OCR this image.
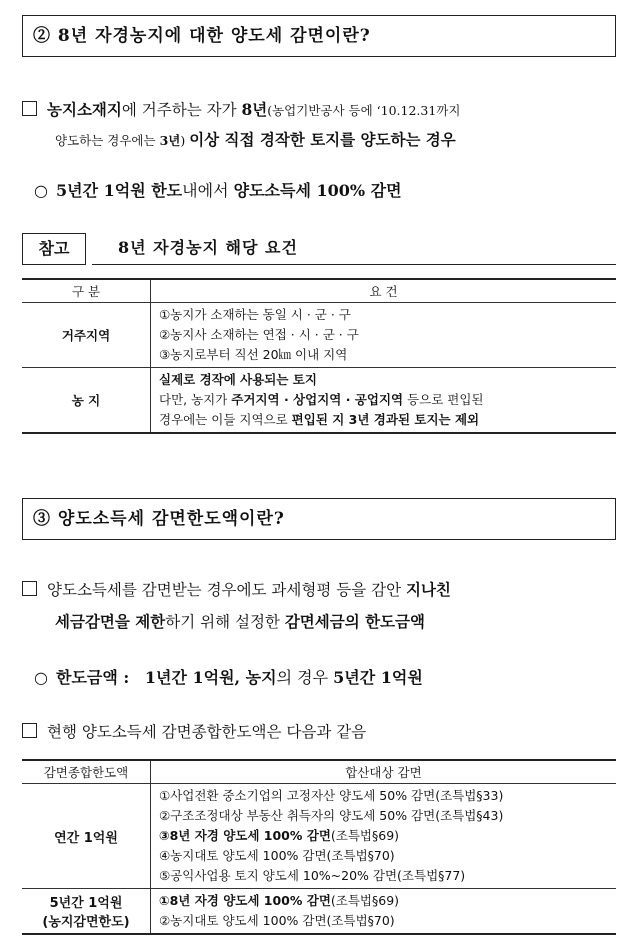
② 8년 자경농지에 대한 양도세 감면이란?
농지소재지에 거주하는 자가 8년(농업기반공사 등에 ‘10.12.31까지
양도하는 경우에는 3년) 이상 직접 경작한 토지를 양도하는 경우
○ 5년간 1억원 한도내에서 양도소득세 100% 감면
참고	8년 자경농지 해당 요건
구 분	요 건
거주지역	①농지가 소재하는 동일 시 · 군 · 구
②농지사 소재하는 연접 · 시 · 군 · 구
③농지로부터 직선 20㎞ 이내 지역

농 지	실제로 경작에 사용되는 토지
다만, 농지가 주거지역 · 상업지역 · 공업지역 등으로 편입된
경우에는 이들 지역으로 편입된 지 3년 경과된 토지는 제외
③ 양도소득세 감면한도액이란?
양도소득세를 감면받는 경우에도 과세형평 등을 감안 지나친
세금감면을 제한하기 위해 설정한 감면세금의 한도금액
○ 한도금액 : 1년간 1억원, 농지의 경우 5년간 1억원
현행 양도소득세 감면종합한도액은 다음과 같음
감면종합한도액	합산대상 감면
연간 1억원	①사업전환 중소기업의 고정자산 양도세 50% 감면(조특법§33)
②구조조정대상 부동산 취득자의 양도세 50% 감면(조특법§43)
③8년 자경 양도세 100% 감면(조특법§69)
④농지대토 양도세 100% 감면(조특법§70)
⑤공익사업용 토지 양도세 10%~20% 감면(조특법§77)

5년간 1억원
(농지감면한도)	①8년 자경 양도세 100% 감면(조특법§69)
②농지대토 양도세 100% 감면(조특법§70)
